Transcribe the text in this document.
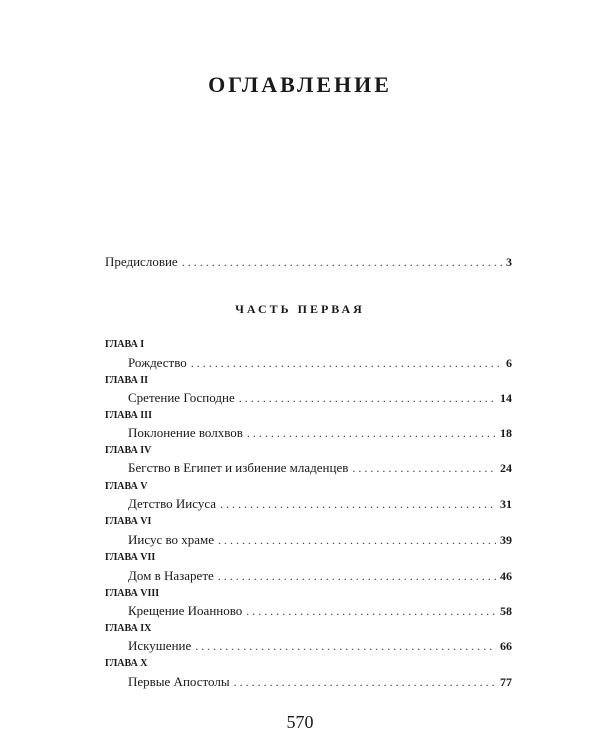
ОГЛАВЛЕНИЕ
Предисловие . . .	3
ЧАСТЬ ПЕРВАЯ
ГЛАВА I
Рождество . . .	6
ГЛАВА II
Сретение Господне . . .	14
ГЛАВА III
Поклонение волхвов . . .	18
ГЛАВА IV
Бегство в Египет и избиение младенцев . . .	24
ГЛАВА V
Детство Иисуса . . .	31
ГЛАВА VI
Иисус во храме . . .	39
ГЛАВА VII
Дом в Назарете . . .	46
ГЛАВА VIII
Крещение Иоанново . . .	58
ГЛАВА IX
Искушение . . .	66
ГЛАВА X
Первые Апостолы . . .	77
570
